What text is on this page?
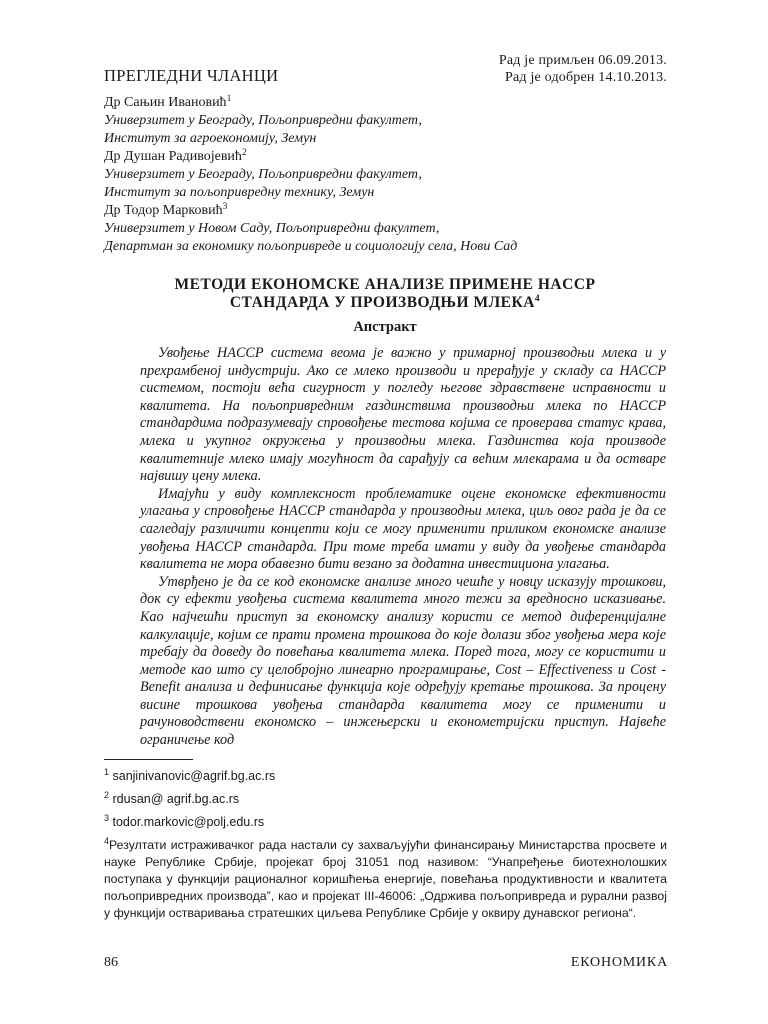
Рад је примљен 06.09.2013.
Рад је одобрен 14.10.2013.
ПРЕГЛЕДНИ ЧЛАНЦИ
Др Сањин Ивановић$^1$
Универзитет у Београду, Пољопривредни факултет,
Институт за агроекономију, Земун
Др Душан Радивојевић$^2$
Универзитет у Београду, Пољопривредни факултет,
Институт за пољопривредну технику, Земун
Др Тодор Марковић$^3$
Универзитет у Новом Саду, Пољопривредни факултет,
Департман за економику пољопривреде и социологију села, Нови Сад
МЕТОДИ ЕКОНОМСКЕ АНАЛИЗЕ ПРИМЕНЕ HACCP
СТАНДАРДА У ПРОИЗВОДЊИ МЛЕКА$^4$
Апстракт

Увођење HACCP система веома је важно у примарној производњи млека и у прехрамбеној индустрији. Ако се млеко производи и прерађује у складу са HACCP системом, постоји већа сигурност у погледу његове здравствене исправности и квалитета. На пољопривредним газдинствима производњи млека по HACCP стандардима подразумевају спровођење тестова којима се проверава статус крава, млека и укупног окружења у производњи млека. Газдинства која производе квалитетније млеко имају могућност да сарађују са већим млекарама и да остваре највишу цену млека.

Имајући у виду комплексност проблематике оцене економске ефективности улагања у спровођење HACCP стандарда у производњи млека, циљ овог рада је да се сагледају различити концепти који се могу применити приликом економске анализе увођења HACCP стандарда. При томе треба имати у виду да увођење стандарда квалитета не мора обавезно бити везано за додатна инвестициона улагања.

Утврђено је да се код економске анализе много чешће у новцу исказују трошкови, док су ефекти увођења система квалитета много тежи за вредносно исказивање. Као најчешћи приступ за економску анализу користи се метод диференцијалне калкулације, којим се прати промена трошкова до које долази због увођења мера које требају да доведу до повећања квалитета млека. Поред тога, могу се користити и методе као што су целобројно линеарно програмирање, Cost – Effectiveness и Cost - Benefit анализа и дефинисање функција које одређују кретање трошкова. За процену висине трошкова увођења стандарда квалитета могу се применити и рачуноводствени економско – инжењерски и економетријски приступ. Највеће ограничење код

$^1$ sanjinivanovic@agrif.bg.ac.rs
$^2$ rdusan@ agrif.bg.ac.rs
$^3$ todor.markovic@polj.edu.rs
$^4$Резултати истраживачког рада настали су захваљујући финансирању Министарства просвете и науке Републике Србије, пројекат број 31051 под називом: “Унапређење биотехнолошких поступака у функцији рационалног коришћења енергије, повећања продуктивности и квалитета пољопривредних производа”, као и пројекат III-46006: „Одржива пољопривреда и рурални развој у функцији остваривања стратешких циљева Републике Србије у оквиру дунавског региона“.
86	ЕКОНОМИКА
